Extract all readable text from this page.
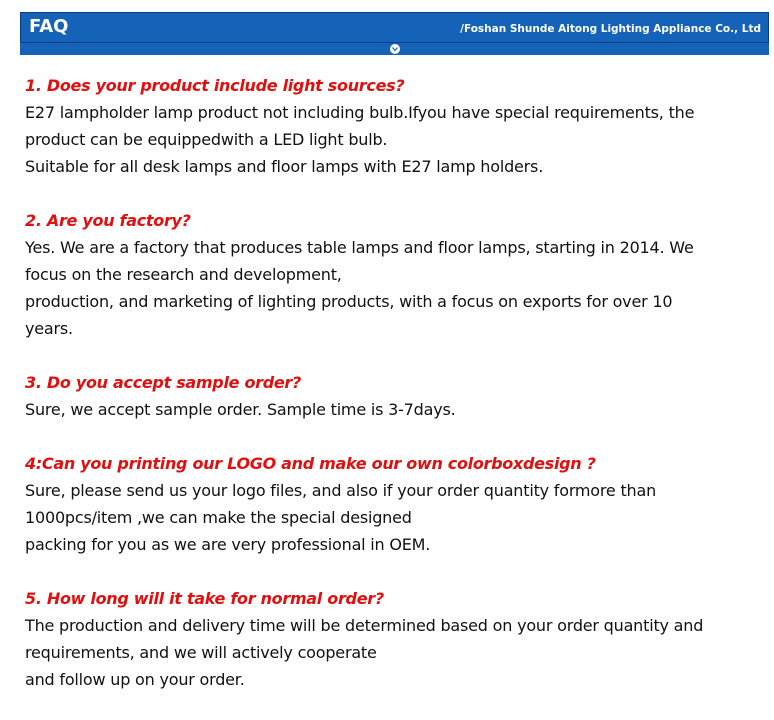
FAQ	/Foshan Shunde Aitong Lighting Appliance Co., Ltd

1. Does your product include light sources?

E27 lampholder lamp product not including bulb.Ifyou have special requirements, the

product can be equippedwith a LED light bulb.

Suitable for all desk lamps and floor lamps with E27 lamp holders.

2. Are you factory?

Yes. We are a factory that produces table lamps and floor lamps, starting in 2014. We

focus on the research and development,

production, and marketing of lighting products, with a focus on exports for over 10

years.

3. Do you accept sample order?

Sure, we accept sample order. Sample time is 3-7days.

4:Can you printing our LOGO and make our own colorboxdesign ?

Sure, please send us your logo files, and also if your order quantity formore than

1000pcs/item ,we can make the special designed

packing for you as we are very professional in OEM.

5. How long will it take for normal order?

The production and delivery time will be determined based on your order quantity and

requirements, and we will actively cooperate

and follow up on your order.
